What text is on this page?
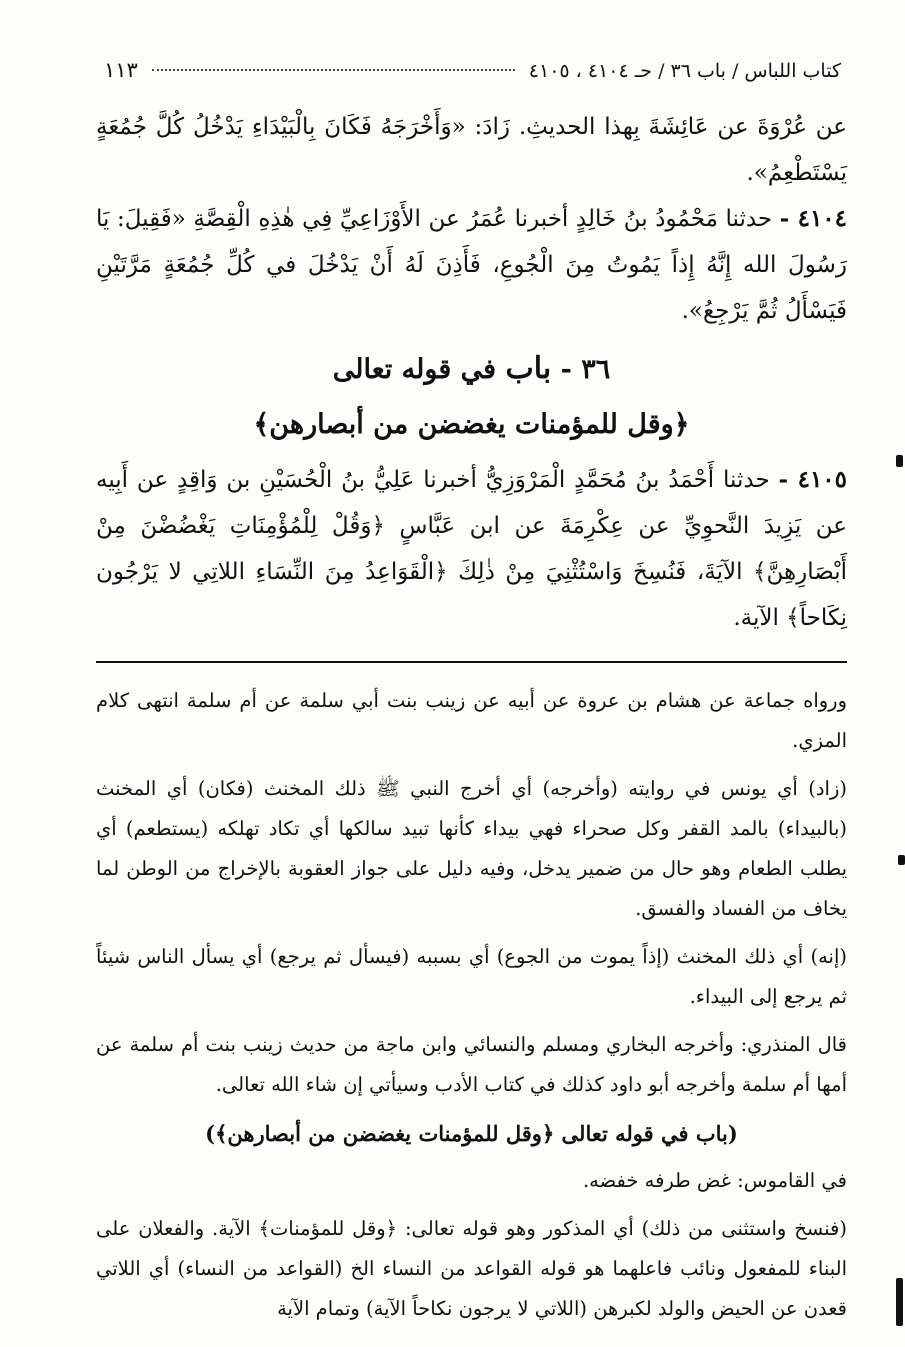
كتاب اللباس / باب ٣٦ / حـ ٤١٠٤ ، ٤١٠٥
١١٣

عن عُرْوَةَ عن عَائِشَةَ بِهذا الحديثِ. زَادَ: «وَأَخْرَجَهُ فَكَانَ بِالْبَيْدَاءِ يَدْخُلُ كُلَّ جُمُعَةٍ يَسْتَطْعِمُ».

٤١٠٤ - حدثنا مَحْمُودُ بنُ خَالِدٍ أخبرنا عُمَرُ عن الأَوْزَاعِيِّ فِي هٰذِهِ الْقِصَّةِ «فَقِيلَ: يَا رَسُولَ الله إِنَّهُ إِذاً يَمُوتُ مِنَ الْجُوعِ، فَأَذِنَ لَهُ أَنْ يَدْخُلَ في كُلِّ جُمُعَةٍ مَرَّتَيْنِ فَيَسْأَلُ ثُمَّ يَرْجِعُ».

٣٦ - باب في قوله تعالى
﴿وقل للمؤمنات يغضضن من أبصارهن﴾

٤١٠٥ - حدثنا أَحْمَدُ بنُ مُحَمَّدٍ الْمَرْوَزِيُّ أخبرنا عَلِيُّ بنُ الْحُسَيْنِ بن وَاقِدٍ عن أَبِيه عن يَزِيدَ النَّحوِيِّ عن عِكْرِمَةَ عن ابن عَبَّاسٍ ﴿وَقُلْ لِلْمُؤْمِنَاتِ يَغْضُضْنَ مِنْ أَبْصَارِهِنَّ﴾ الآيَةَ، فَنُسِخَ وَاسْتُثْنِيَ مِنْ ذٰلِكَ ﴿الْقَوَاعِدُ مِنَ النِّسَاءِ اللاتِي لا يَرْجُون نِكَاحاً﴾ الآية.

ورواه جماعة عن هشام بن عروة عن أبيه عن زينب بنت أبي سلمة عن أم سلمة انتهى كلام المزي.

(زاد) أي يونس في روايته (وأخرجه) أي أخرج النبي ﷺ ذلك المخنث (فكان) أي المخنث (بالبيداء) بالمد القفر وكل صحراء فهي بيداء كأنها تبيد سالكها أي تكاد تهلكه (يستطعم) أي يطلب الطعام وهو حال من ضمير يدخل، وفيه دليل على جواز العقوبة بالإخراج من الوطن لما يخاف من الفساد والفسق.

(إنه) أي ذلك المخنث (إذاً يموت من الجوع) أي بسببه (فيسأل ثم يرجع) أي يسأل الناس شيئاً ثم يرجع إلى البيداء.

قال المنذري: وأخرجه البخاري ومسلم والنسائي وابن ماجة من حديث زينب بنت أم سلمة عن أمها أم سلمة وأخرجه أبو داود كذلك في كتاب الأدب وسيأتي إن شاء الله تعالى.

(باب في قوله تعالى ﴿وقل للمؤمنات يغضضن من أبصارهن﴾)

في القاموس: غض طرفه خفضه.

(فنسخ واستثنى من ذلك) أي المذكور وهو قوله تعالى: ﴿وقل للمؤمنات﴾ الآية. والفعلان على البناء للمفعول ونائب فاعلهما هو قوله القواعد من النساء الخ (القواعد من النساء) أي اللاتي قعدن عن الحيض والولد لكبرهن (اللاتي لا يرجون نكاحاً الآية) وتمام الآية
